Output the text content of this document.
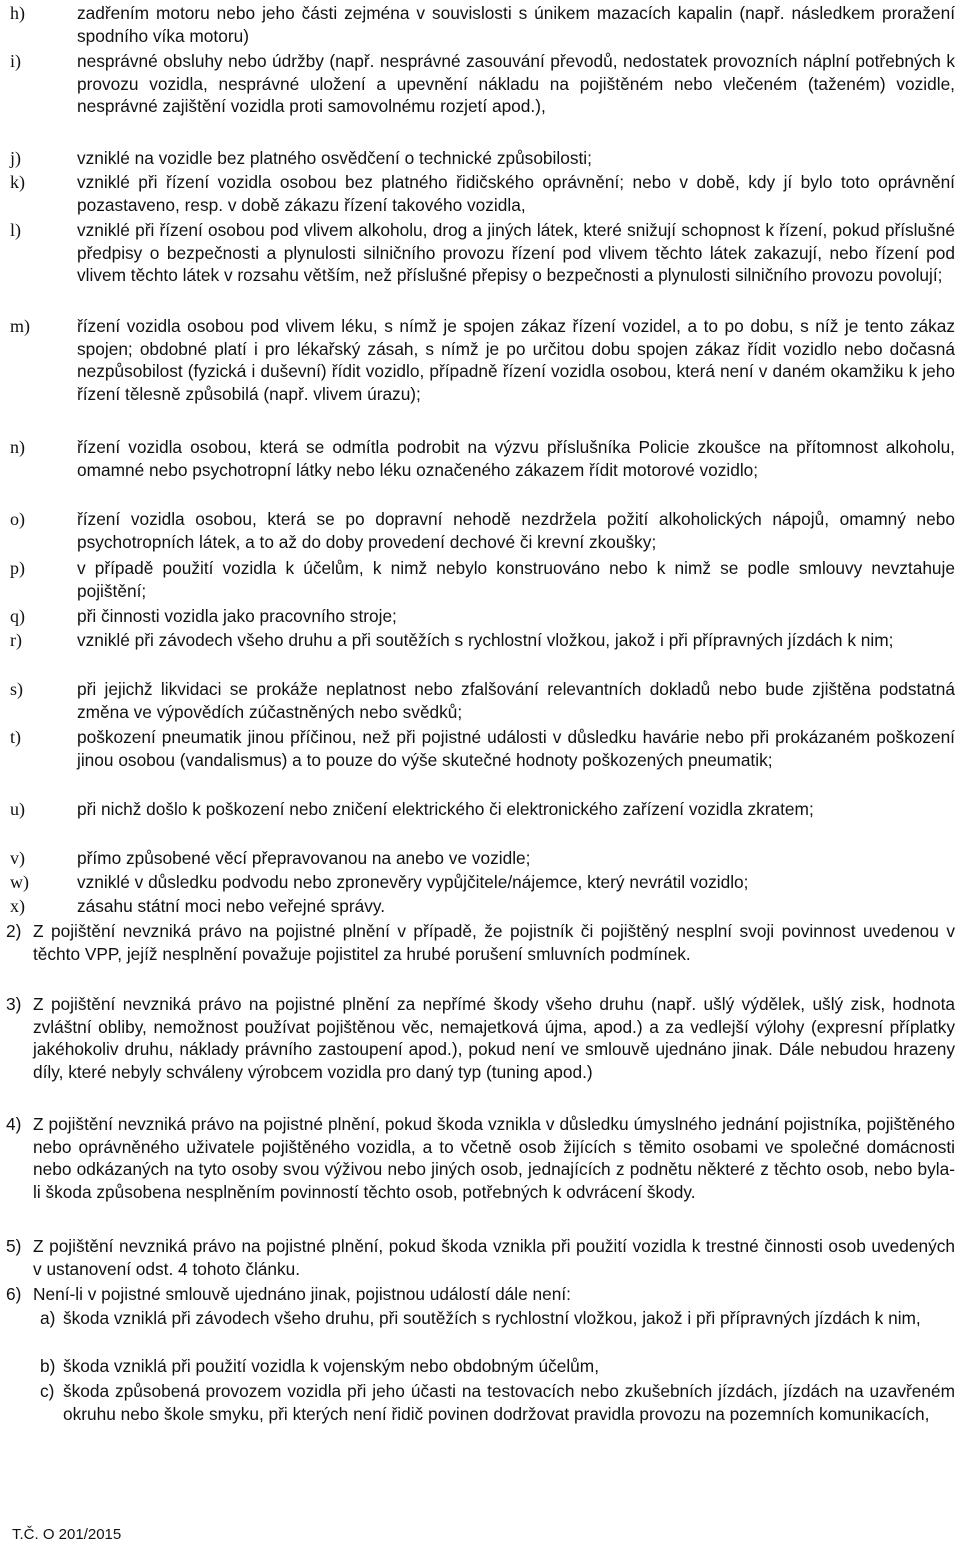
h)	zadřením motoru nebo jeho části zejména v souvislosti s únikem mazacích kapalin (např. následkem proražení spodního víka motoru)
i)	nesprávné obsluhy nebo údržby (např. nesprávné zasouvání převodů, nedostatek provozních náplní potřebných k provozu vozidla, nesprávné uložení a upevnění nákladu na pojištěném nebo vlečeném (taženém) vozidle, nesprávné zajištění vozidla proti samovolnému rozjetí apod.),
j)	vzniklé na vozidle bez platného osvědčení o technické způsobilosti;
k)	vzniklé při řízení vozidla osobou bez platného řidičského oprávnění; nebo v době, kdy jí bylo toto oprávnění pozastaveno, resp. v době zákazu řízení takového vozidla,
l)	vzniklé při řízení osobou pod vlivem alkoholu, drog a jiných látek, které snižují schopnost k řízení, pokud příslušné předpisy o bezpečnosti a plynulosti silničního provozu řízení pod vlivem těchto látek zakazují, nebo řízení pod vlivem těchto látek v rozsahu větším, než příslušné přepisy o bezpečnosti a plynulosti silničního provozu povolují;
m)	řízení vozidla osobou pod vlivem léku, s nímž je spojen zákaz řízení vozidel, a to po dobu, s níž je tento zákaz spojen; obdobné platí i pro lékařský zásah, s nímž je po určitou dobu spojen zákaz řídit vozidlo nebo dočasná nezpůsobilost (fyzická i duševní) řídit vozidlo, případně řízení vozidla osobou, která není v daném okamžiku k jeho řízení tělesně způsobilá (např. vlivem úrazu);
n)	řízení vozidla osobou, která se odmítla podrobit na výzvu příslušníka Policie zkoušce na přítomnost alkoholu, omamné nebo psychotropní látky nebo léku označeného zákazem řídit motorové vozidlo;
o)	řízení vozidla osobou, která se po dopravní nehodě nezdržela požití alkoholických nápojů, omamný nebo psychotropních látek, a to až do doby provedení dechové či krevní zkoušky;
p)	v případě použití vozidla k účelům, k nimž nebylo konstruováno nebo k nimž se podle smlouvy nevztahuje pojištění;
q)	při činnosti vozidla jako pracovního stroje;
r)	vzniklé při závodech všeho druhu a při soutěžích s rychlostní vložkou, jakož i při přípravných jízdách k nim;
s)	při jejichž likvidaci se prokáže neplatnost nebo zfalšování relevantních dokladů nebo bude zjištěna podstatná změna ve výpovědích zúčastněných nebo svědků;
t)	poškození pneumatik jinou příčinou, než při pojistné události v důsledku havárie nebo při prokázaném poškození jinou osobou (vandalismus) a to pouze do výše skutečné hodnoty poškozených pneumatik;
u)	při nichž došlo k poškození nebo zničení elektrického či elektronického zařízení vozidla zkratem;
v)	přímo způsobené věcí přepravovanou na anebo ve vozidle;
w)	vzniklé v důsledku podvodu nebo zpronevěry vypůjčitele/nájemce, který nevrátil vozidlo;
x)	zásahu státní moci nebo veřejné správy.
2) Z pojištění nevzniká právo na pojistné plnění v případě, že pojistník či pojištěný nesplní svoji povinnost uvedenou v těchto VPP, jejíž nesplnění považuje pojistitel za hrubé porušení smluvních podmínek.
3) Z pojištění nevzniká právo na pojistné plnění za nepřímé škody všeho druhu (např. ušlý výdělek, ušlý zisk, hodnota zvláštní obliby, nemožnost používat pojištěnou věc, nemajetková újma, apod.) a za vedlejší výlohy (expresní příplatky jakéhokoliv druhu, náklady právního zastoupení apod.), pokud není ve smlouvě ujednáno jinak. Dále nebudou hrazeny díly, které nebyly schváleny výrobcem vozidla pro daný typ (tuning apod.)
4) Z pojištění nevzniká právo na pojistné plnění, pokud škoda vznikla v důsledku úmyslného jednání pojistníka, pojištěného nebo oprávněného uživatele pojištěného vozidla, a to včetně osob žijících s těmito osobami ve společné domácnosti nebo odkázaných na tyto osoby svou výživou nebo jiných osob, jednajících z podnětu některé z těchto osob, nebo byla-li škoda způsobena nesplněním povinností těchto osob, potřebných k odvrácení škody.
5) Z pojištění nevzniká právo na pojistné plnění, pokud škoda vznikla při použití vozidla k trestné činnosti osob uvedených v ustanovení odst. 4 tohoto článku.
6) Není-li v pojistné smlouvě ujednáno jinak, pojistnou událostí dále není:
a) škoda vzniklá při závodech všeho druhu, při soutěžích s rychlostní vložkou, jakož i při přípravných jízdách k nim,
b) škoda vzniklá při použití vozidla k vojenským nebo obdobným účelům,
c) škoda způsobená provozem vozidla při jeho účasti na testovacích nebo zkušebních jízdách, jízdách na uzavřeném okruhu nebo škole smyku, při kterých není řidič povinen dodržovat pravidla provozu na pozemních komunikacích,
T.Č. O 201/2015
